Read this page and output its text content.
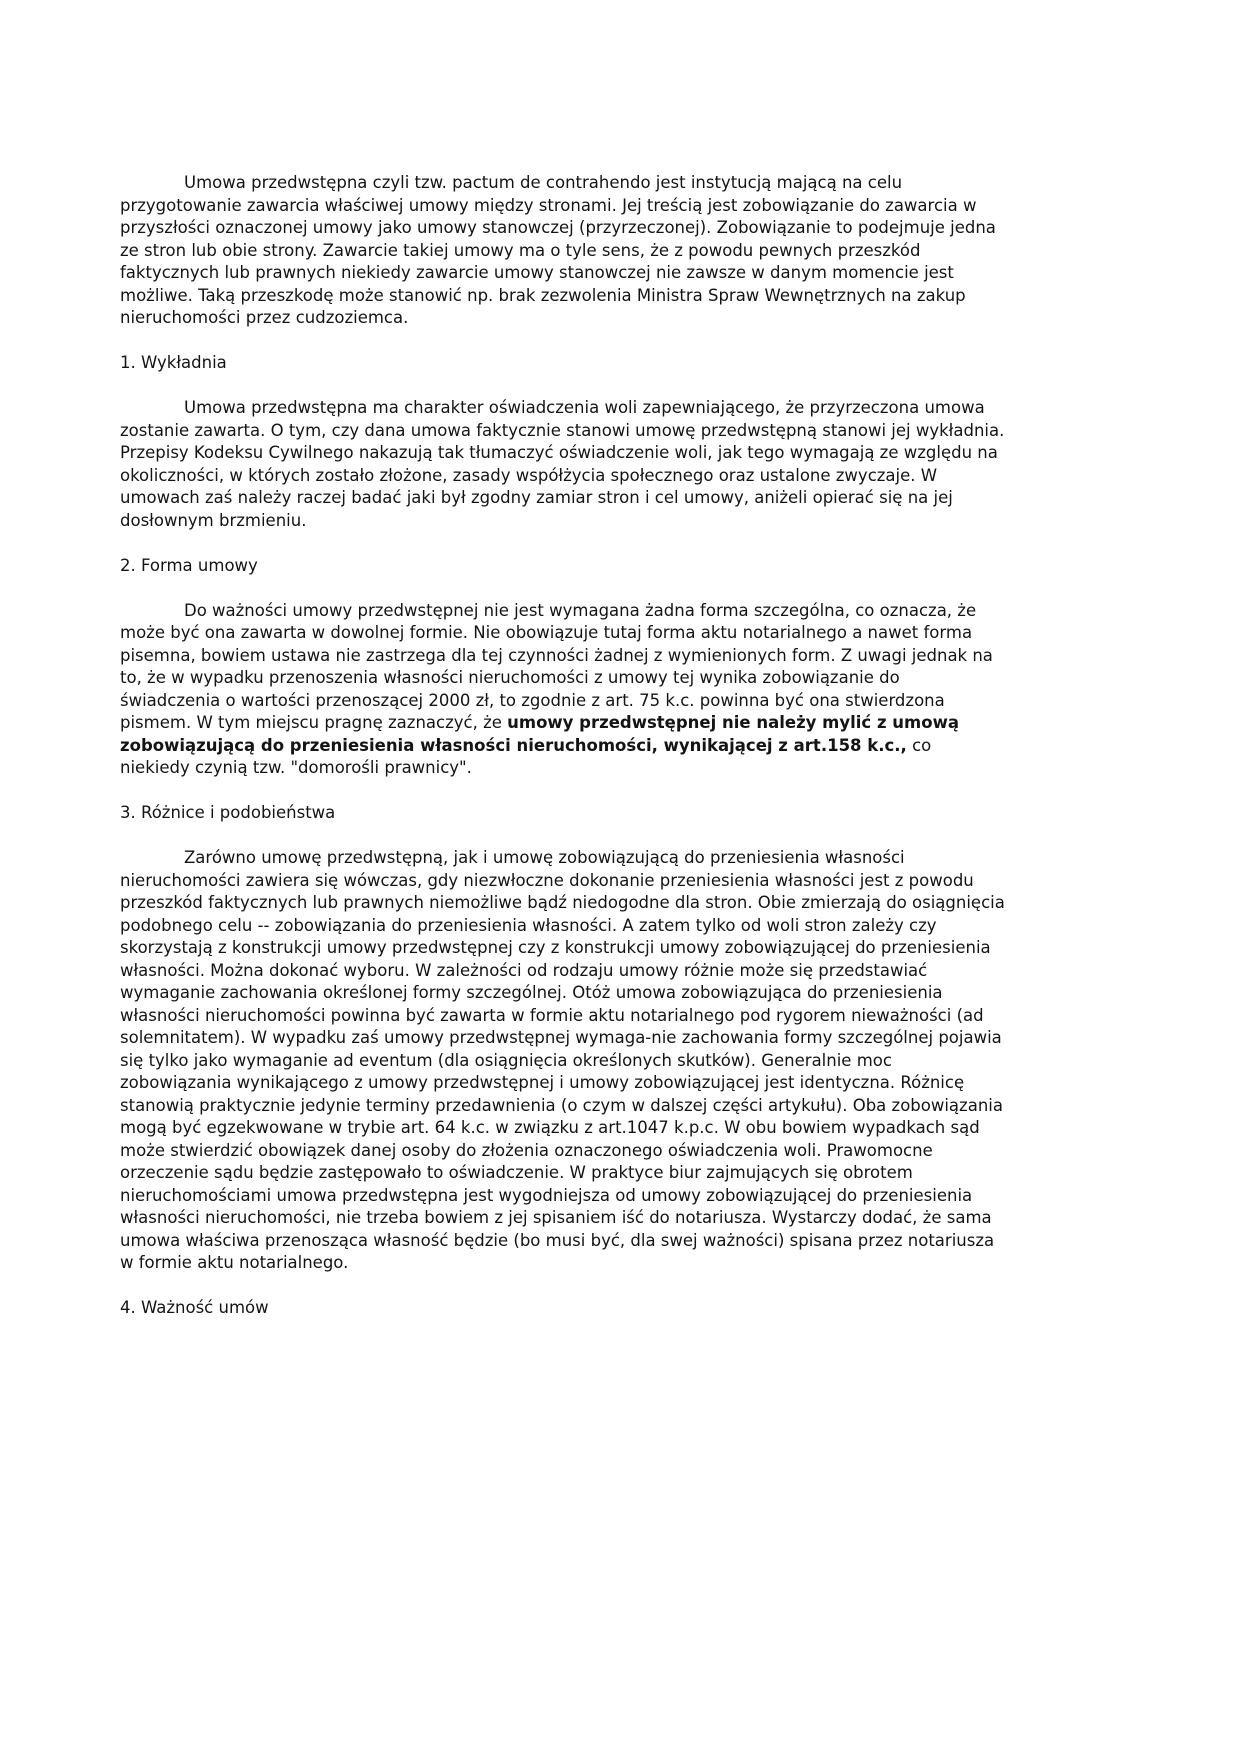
Umowa przedwstępna czyli tzw. pactum de contrahendo jest instytucją mającą na celu przygotowanie zawarcia właściwej umowy między stronami. Jej treścią jest zobowiązanie do zawarcia w przyszłości oznaczonej umowy jako umowy stanowczej (przyrzeczonej). Zobowiązanie to podejmuje jedna ze stron lub obie strony. Zawarcie takiej umowy ma o tyle sens, że z powodu pewnych przeszkód faktycznych lub prawnych niekiedy zawarcie umowy stanowczej nie zawsze w danym momencie jest możliwe. Taką przeszkodę może stanowić np. brak zezwolenia Ministra Spraw Wewnętrznych na zakup nieruchomości przez cudzoziemca.

1. Wykładnia

Umowa przedwstępna ma charakter oświadczenia woli zapewniającego, że przyrzeczona umowa zostanie zawarta. O tym, czy dana umowa faktycznie stanowi umowę przedwstępną stanowi jej wykładnia. Przepisy Kodeksu Cywilnego nakazują tak tłumaczyć oświadczenie woli, jak tego wymagają ze względu na okoliczności, w których zostało złożone, zasady współżycia społecznego oraz ustalone zwyczaje. W umowach zaś należy raczej badać jaki był zgodny zamiar stron i cel umowy, aniżeli opierać się na jej dosłownym brzmieniu.

2. Forma umowy

Do ważności umowy przedwstępnej nie jest wymagana żadna forma szczególna, co oznacza, że może być ona zawarta w dowolnej formie. Nie obowiązuje tutaj forma aktu notarialnego a nawet forma pisemna, bowiem ustawa nie zastrzega dla tej czynności żadnej z wymienionych form. Z uwagi jednak na to, że w wypadku przenoszenia własności nieruchomości z umowy tej wynika zobowiązanie do świadczenia o wartości przenoszącej 2000 zł, to zgodnie z art. 75 k.c. powinna być ona stwierdzona pismem. W tym miejscu pragnę zaznaczyć, że umowy przedwstępnej nie należy mylić z umową zobowiązującą do przeniesienia własności nieruchomości, wynikającej z art.158 k.c., co niekiedy czynią tzw. "domorośli prawnicy".

3. Różnice i podobieństwa

Zarówno umowę przedwstępną, jak i umowę zobowiązującą do przeniesienia własności nieruchomości zawiera się wówczas, gdy niezwłoczne dokonanie przeniesienia własności jest z powodu przeszkód faktycznych lub prawnych niemożliwe bądź niedogodne dla stron. Obie zmierzają do osiągnięcia podobnego celu -- zobowiązania do przeniesienia własności. A zatem tylko od woli stron zależy czy skorzystają z konstrukcji umowy przedwstępnej czy z konstrukcji umowy zobowiązującej do przeniesienia własności. Można dokonać wyboru. W zależności od rodzaju umowy różnie może się przedstawiać wymaganie zachowania określonej formy szczególnej. Otóż umowa zobowiązująca do przeniesienia własności nieruchomości powinna być zawarta w formie aktu notarialnego pod rygorem nieważności (ad solemnitatem). W wypadku zaś umowy przedwstępnej wymaga-nie zachowania formy szczególnej pojawia się tylko jako wymaganie ad eventum (dla osiągnięcia określonych skutków). Generalnie moc zobowiązania wynikającego z umowy przedwstępnej i umowy zobowiązującej jest identyczna. Różnicę stanowią praktycznie jedynie terminy przedawnienia (o czym w dalszej części artykułu). Oba zobowiązania mogą być egzekwowane w trybie art. 64 k.c. w związku z art.1047 k.p.c. W obu bowiem wypadkach sąd może stwierdzić obowiązek danej osoby do złożenia oznaczonego oświadczenia woli. Prawomocne orzeczenie sądu będzie zastępowało to oświadczenie. W praktyce biur zajmujących się obrotem nieruchomościami umowa przedwstępna jest wygodniejsza od umowy zobowiązującej do przeniesienia własności nieruchomości, nie trzeba bowiem z jej spisaniem iść do notariusza. Wystarczy dodać, że sama umowa właściwa przenosząca własność będzie (bo musi być, dla swej ważności) spisana przez notariusza w formie aktu notarialnego.

4. Ważność umów
